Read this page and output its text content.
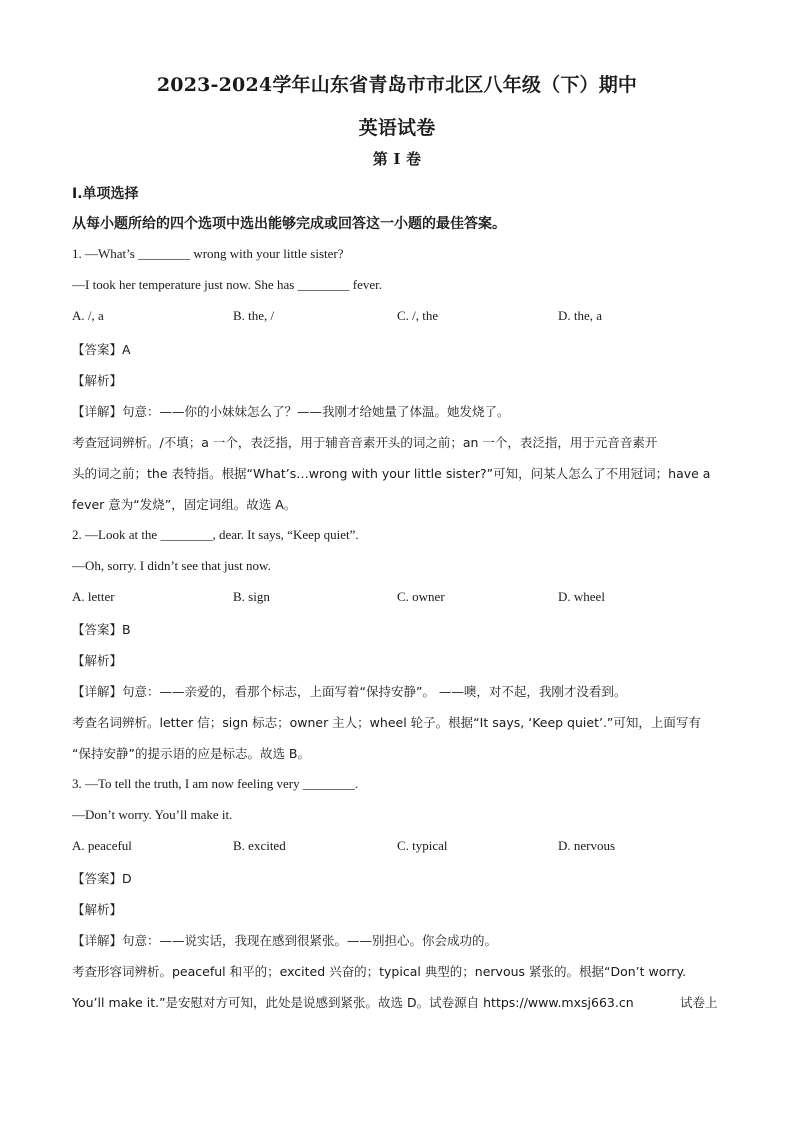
2023-2024学年山东省青岛市市北区八年级（下）期中
英语试卷
第 I 卷
Ⅰ.单项选择
从每小题所给的四个选项中选出能够完成或回答这一小题的最佳答案。
1. —What’s ________ wrong with your little sister?
—I took her temperature just now. She has ________ fever.
A. /, a	B. the, /	C. /, the	D. the, a
【答案】A
【解析】
【详解】句意：——你的小妹妹怎么了？——我刚才给她量了体温。她发烧了。
考查冠词辨析。/不填；a 一个，表泛指，用于辅音音素开头的词之前；an 一个，表泛指，用于元音音素开
头的词之前；the 表特指。根据“What’s…wrong with your little sister?”可知，问某人怎么了不用冠词；have a
fever 意为“发烧”，固定词组。故选 A。
2. —Look at the ________, dear. It says, “Keep quiet”.
—Oh, sorry. I didn’t see that just now.
A. letter	B. sign	C. owner	D. wheel
【答案】B
【解析】
【详解】句意：——亲爱的，看那个标志，上面写着“保持安静”。 ——噢，对不起，我刚才没看到。
考查名词辨析。letter 信；sign 标志；owner 主人；wheel 轮子。根据“It says, ‘Keep quiet’.”可知，上面写有
“保持安静”的提示语的应是标志。故选 B。
3. —To tell the truth, I am now feeling very ________.
—Don’t worry. You’ll make it.
A. peaceful	B. excited	C. typical	D. nervous
【答案】D
【解析】
【详解】句意：——说实话，我现在感到很紧张。——别担心。你会成功的。
考查形容词辨析。peaceful 和平的；excited 兴奋的；typical 典型的；nervous 紧张的。根据“Don’t worry.
You’ll make it.”是安慰对方可知，此处是说感到紧张。故选 D。试卷源自 https://www.mxsj663.cn	试卷上
